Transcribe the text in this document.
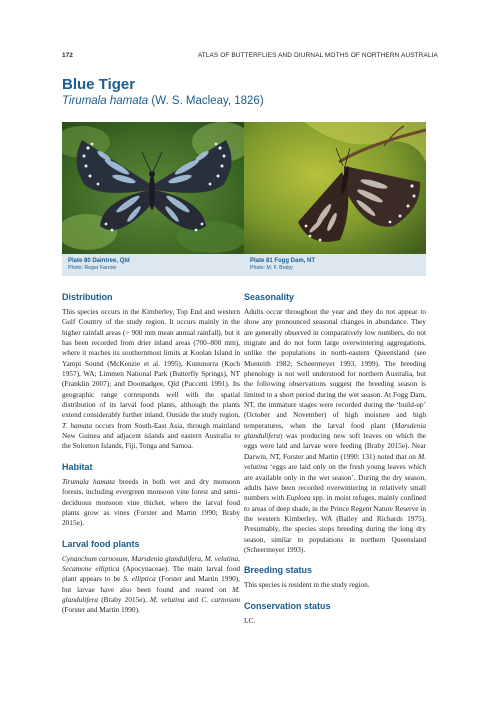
172	ATLAS OF BUTTERFLIES AND DIURNAL MOTHS OF NORTHERN AUSTRALIA
Blue Tiger

Tirumala hamata (W. S. Macleay, 1826)

Plate 80 Daintree, Qld
Photo: Roger Farrow
Plate 81 Fogg Dam, NT
Photo: M. F. Braby
Distribution

This species occurs in the Kimberley, Top End and western Gulf Country of the study region. It occurs mainly in the higher rainfall areas (> 900 mm mean annual rainfall), but it has been recorded from drier inland areas (700–800 mm), where it reaches its southernmost limits at Koolan Island in Yampi Sound (McKenzie et al. 1995), Kununurra (Koch 1957), WA; Limmen National Park (Butterfly Springs), NT (Franklin 2007); and Doomadgee, Qld (Puccetti 1991). Its geographic range corresponds well with the spatial distribution of its larval food plants, although the plants extend considerably further inland. Outside the study region, T. hamata occurs from South-East Asia, through mainland New Guinea and adjacent islands and eastern Australia to the Solomon Islands, Fiji, Tonga and Samoa.

Habitat

Tirumala hamata breeds in both wet and dry monsoon forests, including evergreen monsoon vine forest and semi-deciduous monsoon vine thicket, where the larval food plants grow as vines (Forster and Martin 1990; Braby 2015e).

Larval food plants

Cynanchum carnosum, Marsdenia glandulifera, M. velutina, Secamone elliptica (Apocynaceae). The main larval food plant appears to be S. elliptica (Forster and Martin 1990), but larvae have also been found and reared on M. glandulifera (Braby 2015e), M. velutina and C. carnosum (Forster and Martin 1990).

Seasonality

Adults occur throughout the year and they do not appear to show any pronounced seasonal changes in abundance. They are generally observed in comparatively low numbers, do not migrate and do not form large overwintering aggregations, unlike the populations in north-eastern Queensland (see Monteith 1982; Scheermeyer 1993, 1999). The breeding phenology is not well understood for northern Australia, but the following observations suggest the breeding season is limited to a short period during the wet season. At Fogg Dam, NT, the immature stages were recorded during the ‘build-up’ (October and November) of high moisture and high temperatures, when the larval food plant (Marsdenia glandulifera) was producing new soft leaves on which the eggs were laid and larvae were feeding (Braby 2015e). Near Darwin, NT, Forster and Martin (1990: 131) noted that on M. velutina ‘eggs are laid only on the fresh young leaves which are available only in the wet season’. During the dry season, adults have been recorded overwintering in relatively small numbers with Euploea spp. in moist refuges, mainly confined to areas of deep shade, in the Prince Regent Nature Reserve in the western Kimberley, WA (Bailey and Richards 1975). Presumably, the species stops breeding during the long dry season, similar to populations in northern Queensland (Scheermeyer 1993).

Breeding status

This species is resident in the study region.

Conservation status

LC.
